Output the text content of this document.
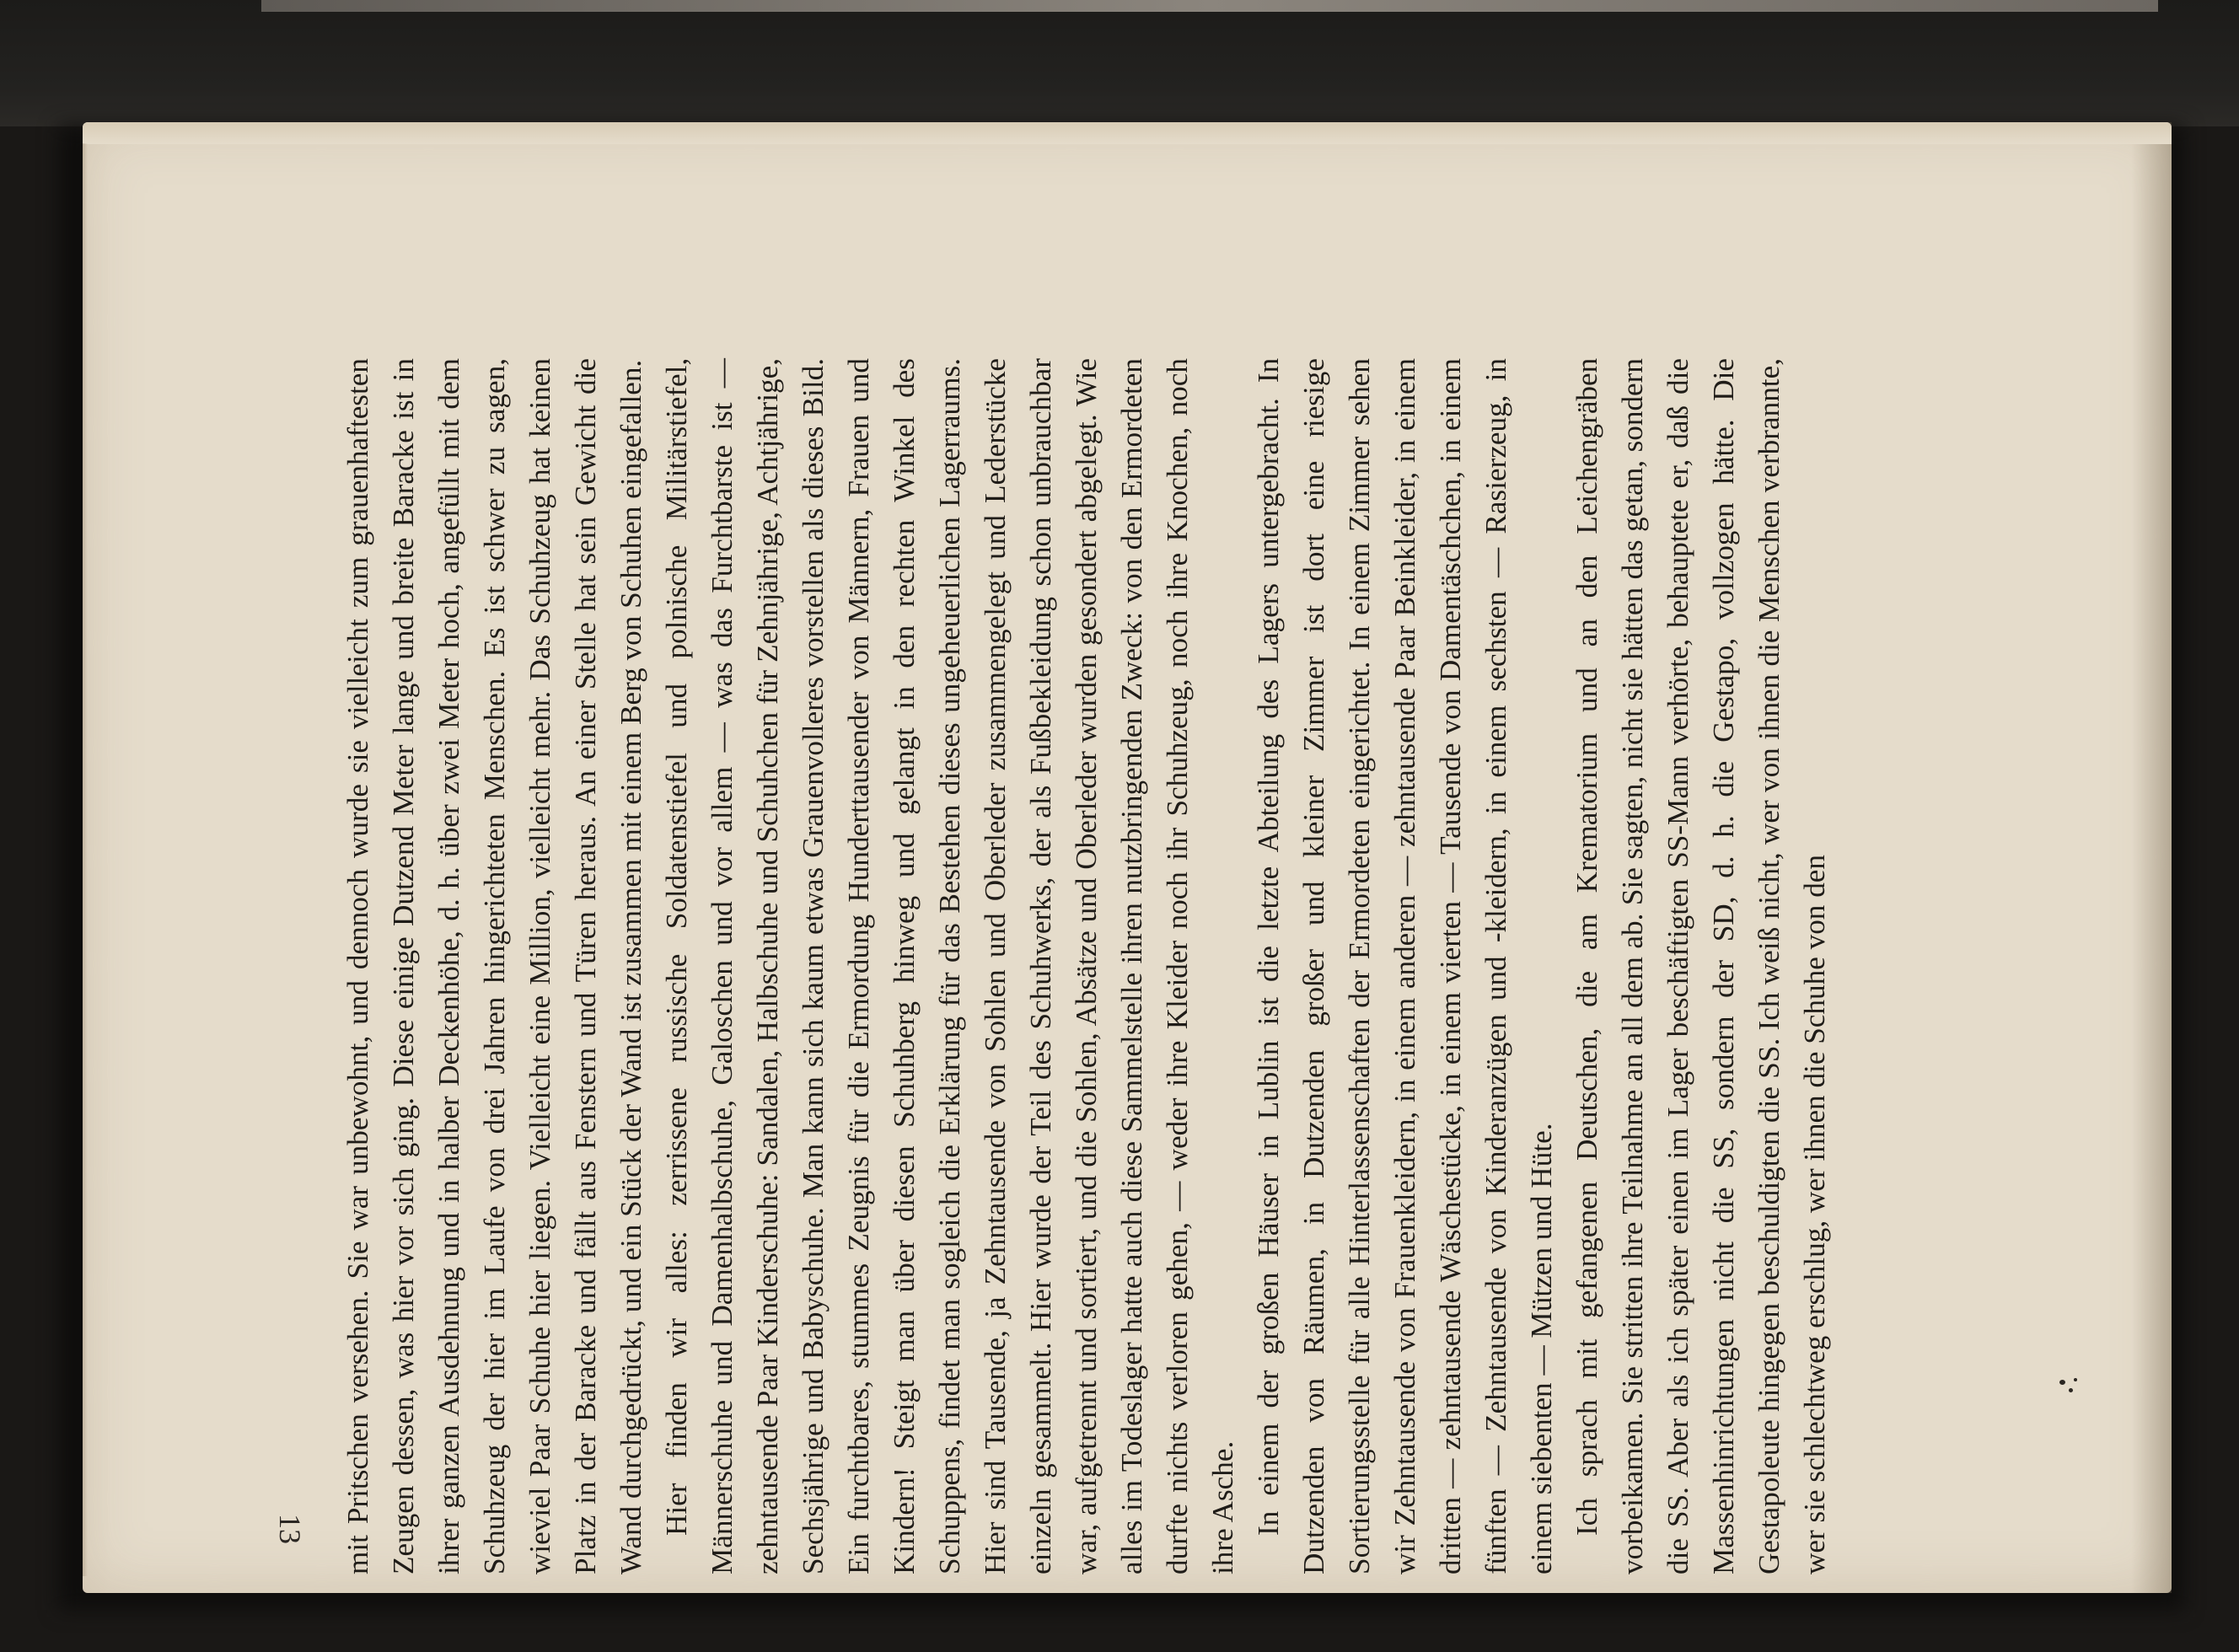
mit Pritschen versehen. Sie war unbewohnt, und dennoch wurde sie vielleicht zum grauenhaftesten Zeugen dessen, was hier vor sich ging. Diese einige Dutzend Meter lange und breite Baracke ist in ihrer ganzen Ausdehnung und in halber Deckenhöhe, d. h. über zwei Meter hoch, angefüllt mit dem Schuhzeug der hier im Laufe von drei Jahren hingerichteten Menschen. Es ist schwer zu sagen, wieviel Paar Schuhe hier liegen. Vielleicht eine Million, vielleicht mehr. Das Schuhzeug hat keinen Platz in der Baracke und fällt aus Fenstern und Türen heraus. An einer Stelle hat sein Gewicht die Wand durchgedrückt, und ein Stück der Wand ist zusammen mit einem Berg von Schuhen eingefallen. Hier finden wir alles: zerrissene russische Soldatenstiefel und polnische Militärstiefel, Männerschuhe und Damenhalbschuhe, Galoschen und vor allem — was das Furchtbarste ist — zehntausende Paar Kinderschuhe: Sandalen, Halbschuhe und Schuhchen für Zehnjährige, Achtjährige, Sechsjährige und Babyschuhe. Man kann sich kaum etwas Grauenvolleres vorstellen als dieses Bild. Ein furchtbares, stummes Zeugnis für die Ermordung Hunderttausender von Männern, Frauen und Kindern! Steigt man über diesen Schuhberg hinweg und gelangt in den rechten Winkel des Schuppens, findet man sogleich die Erklärung für das Bestehen dieses ungeheuerlichen Lagerraums. Hier sind Tausende, ja Zehntausende von Sohlen und Oberleder zusammengelegt und Lederstücke einzeln gesammelt. Hier wurde der Teil des Schuhwerks, der als Fußbekleidung schon unbrauchbar war, aufgetrennt und sortiert, und die Sohlen, Absätze und Oberleder wurden gesondert abgelegt. Wie alles im Todeslager hatte auch diese Sammelstelle ihren nutzbringenden Zweck: von den Ermordeten durfte nichts verloren gehen, — weder ihre Kleider noch ihr Schuhzeug, noch ihre Knochen, noch ihre Asche. In einem der großen Häuser in Lublin ist die letzte Abteilung des Lagers untergebracht. In Dutzenden von Räumen, in Dutzenden großer und kleiner Zimmer ist dort eine riesige Sortierungsstelle für alle Hinterlassenschaften der Ermordeten eingerichtet. In einem Zimmer sehen wir Zehntausende von Frauenkleidern, in einem anderen — zehntausende Paar Beinkleider, in einem dritten — zehntausende Wäschestücke, in einem vierten — Tausende von Damentäschchen, in einem fünften — Zehntausende von Kinderanzügen und -kleidern, in einem sechsten — Rasierzeug, in einem siebenten — Mützen und Hüte. Ich sprach mit gefangenen Deutschen, die am Krematorium und an den Leichengräben vorbeikamen. Sie stritten ihre Teilnahme an all dem ab. Sie sagten, nicht sie hätten das getan, sondern die SS. Aber als ich später einen im Lager beschäftigten SS-Mann verhörte, behauptete er, daß die Massenhinrichtungen nicht die SS, sondern der SD, d. h. die Gestapo, vollzogen hätte. Die Gestapoleute hingegen beschuldigten die SS. Ich weiß nicht, wer von ihnen die Menschen verbrannte, wer sie schlechtweg erschlug, wer ihnen die Schuhe von den

13
